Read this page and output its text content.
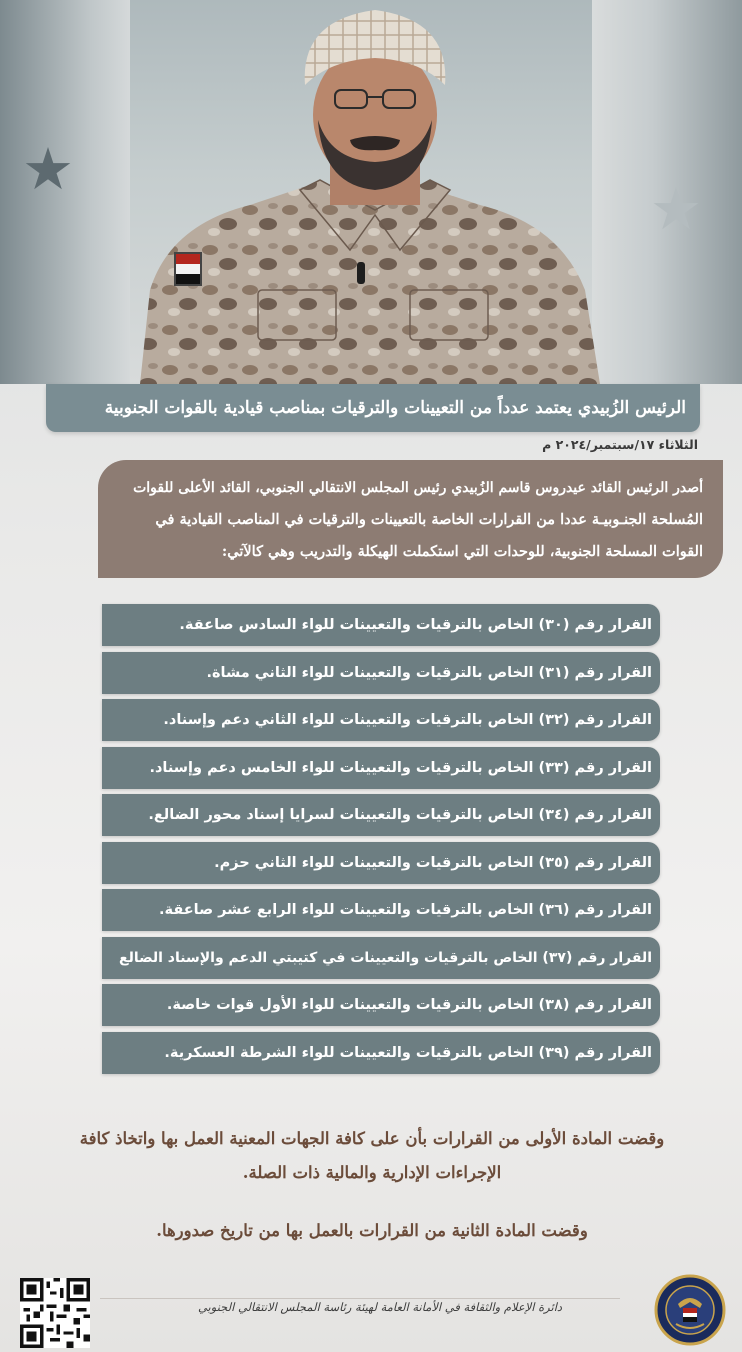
★
★
الرئيس الزُبيدي يعتمد عدداً من التعيينات والترقيات بمناصب قيادية بالقوات الجنوبية
الثلاثاء ١٧/سبتمبر/٢٠٢٤ م
أصدر الرئيس القائد عيدروس قاسم الزُبيدي رئيس المجلس الانتقالي الجنوبي، القائد الأعلى للقوات
المُسلحة الجنـوبيـة عددا من القرارات الخاصة بالتعيينات والترقيات في المناصب القيادية في
القوات المسلحة الجنوبية، للوحدات التي استكملت الهيكلة والتدريب وهي كالآتي:
القرار رقم (٣٠) الخاص بالترقيات والتعيينات للواء السادس صاعقة.
القرار رقم (٣١) الخاص بالترقيات والتعيينات للواء الثاني مشاة.
القرار رقم (٣٢) الخاص بالترقيات والتعيينات للواء الثاني دعم وإسناد.
القرار رقم (٣٣) الخاص بالترقيات والتعيينات للواء الخامس دعم وإسناد.
القرار رقم (٣٤) الخاص بالترقيات والتعيينات لسرايا إسناد محور الضالع.
القرار رقم (٣٥) الخاص بالترقيات والتعيينات للواء الثاني حزم.
القرار رقم (٣٦) الخاص بالترقيات والتعيينات للواء الرابع عشر صاعقة.
القرار رقم (٣٧) الخاص بالترقيات والتعيينات في كتيبتي الدعم والإسناد الضالع
القرار رقم (٣٨) الخاص بالترقيات والتعيينات للواء الأول قوات خاصة.
القرار رقم (٣٩) الخاص بالترقيات والتعيينات للواء الشرطة العسكرية.

وقضت المادة الأولى من القرارات بأن على كافة الجهات المعنية العمل بها واتخاذ كافة

الإجراءات الإدارية والمالية ذات الصلة.

وقضت المادة الثانية من القرارات بالعمل بها من تاريخ صدورها.

دائرة الإعلام والثقافة في الأمانة العامة لهيئة رئاسة المجلس الانتقالي الجنوبي
